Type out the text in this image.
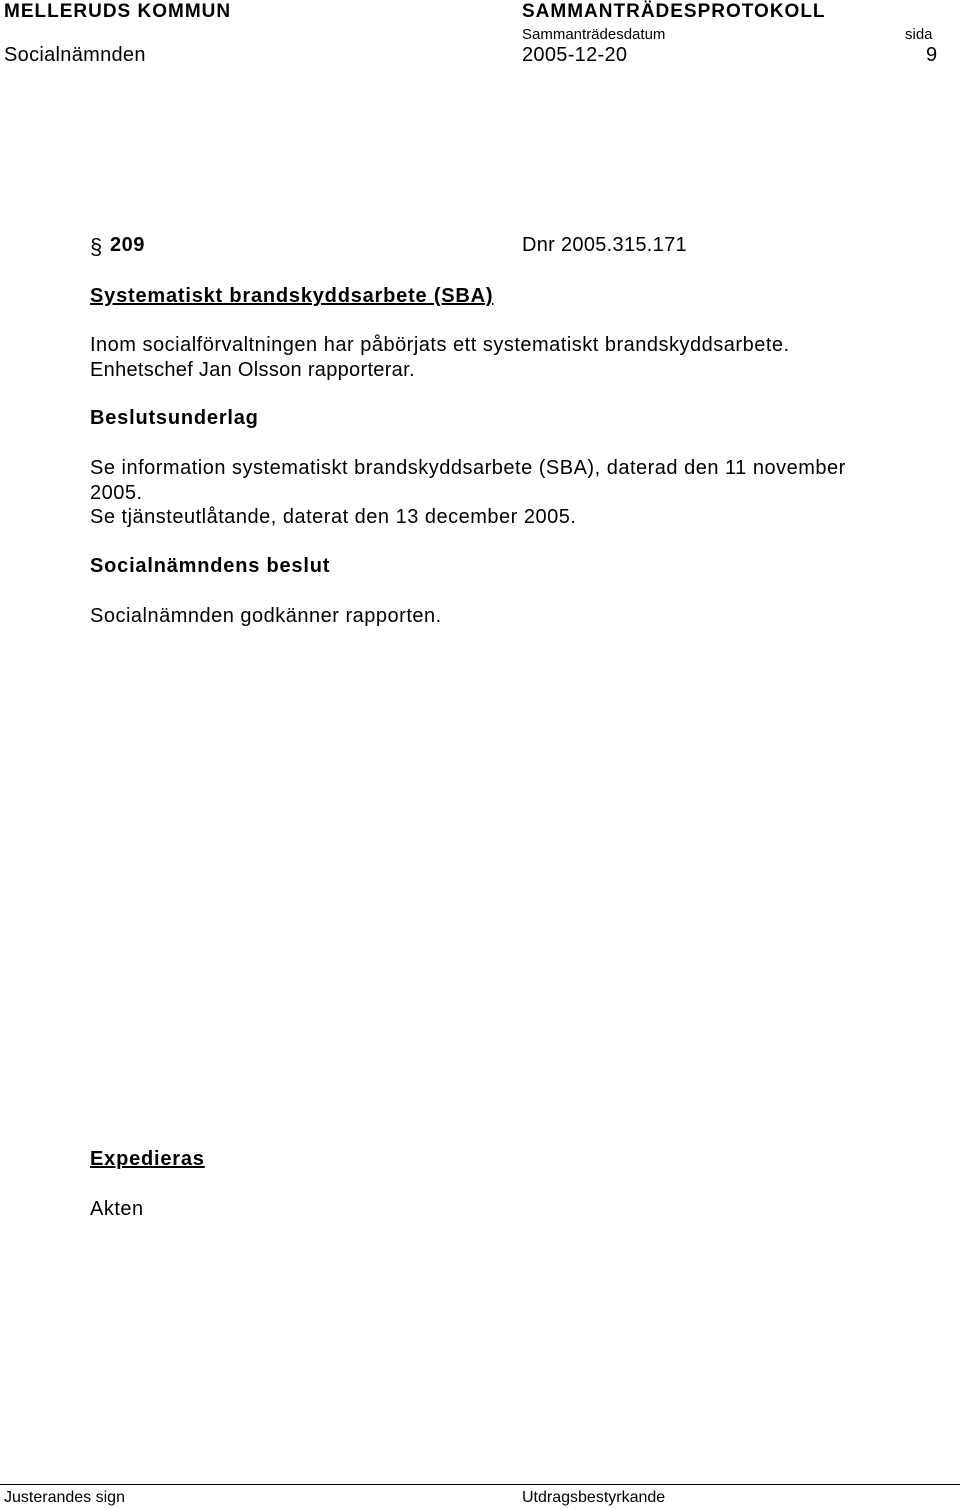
MELLERUDS KOMMUN	SAMMANTRÄDESPROTOKOLL
Sammanträdesdatum	sida
Socialnämnden	2005-12-20	9
§ 209	Dnr 2005.315.171
Systematiskt brandskyddsarbete (SBA)
Inom socialförvaltningen har påbörjats ett systematiskt brandskyddsarbete.
Enhetschef Jan Olsson rapporterar.
Beslutsunderlag
Se information systematiskt brandskyddsarbete (SBA), daterad den 11 november
2005.
Se tjänsteutlåtande, daterat den 13 december 2005.
Socialnämndens beslut
Socialnämnden godkänner rapporten.
Expedieras
Akten
Justerandes sign	Utdragsbestyrkande
